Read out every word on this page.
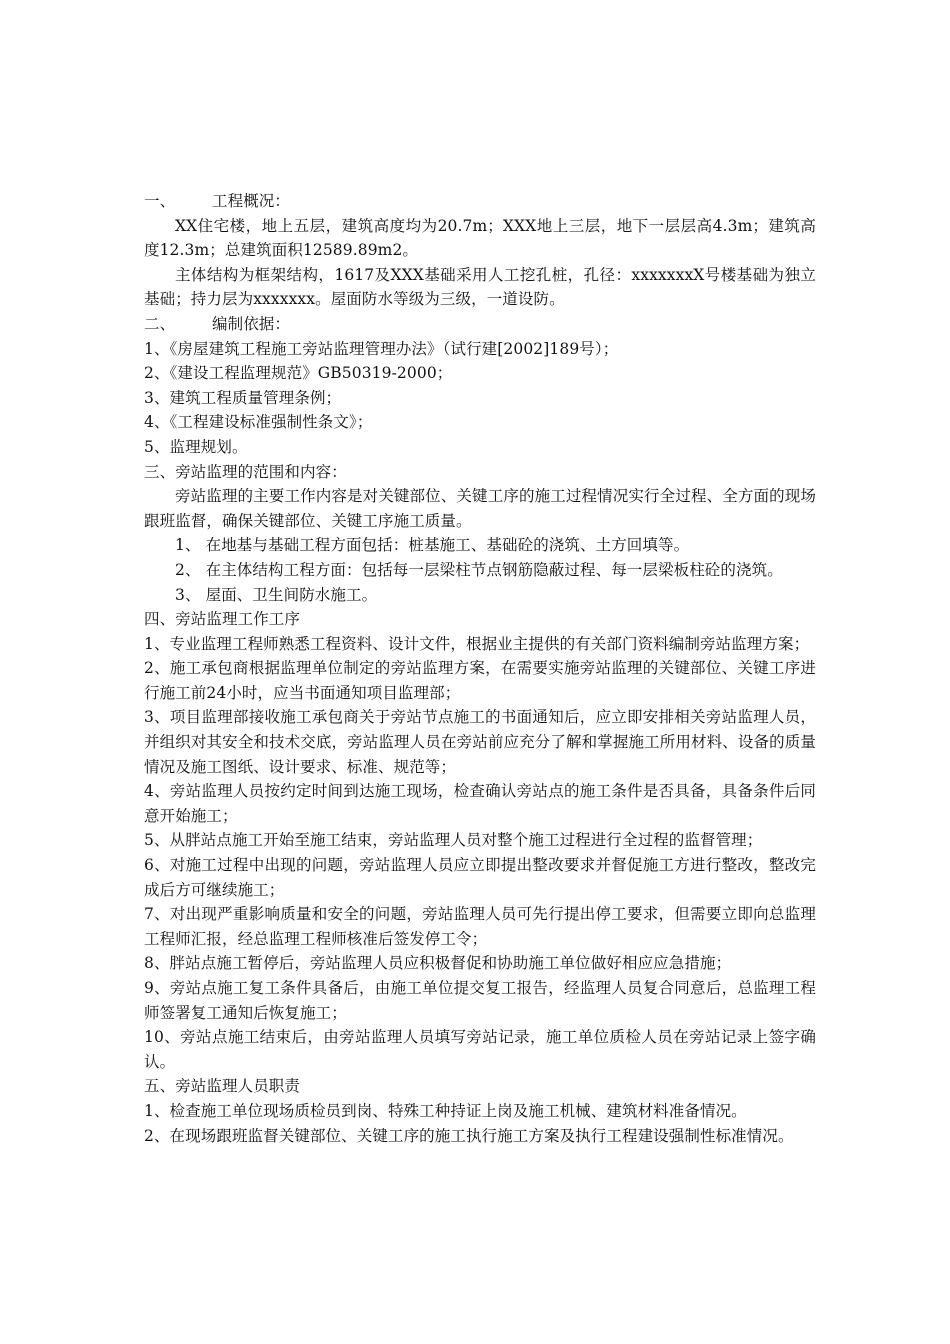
一、 工程概况：

XX住宅楼，地上五层，建筑高度均为20.7m；XXX地上三层，地下一层层高4.3m；建筑高度12.3m；总建筑面积12589.89m2。

主体结构为框架结构，1617及XXX基础采用人工挖孔桩，孔径：xxxxxxxX号楼基础为独立基础；持力层为xxxxxxx。屋面防水等级为三级，一道设防。

二、 编制依据：

1、《房屋建筑工程施工旁站监理管理办法》（试行建[2002]189号）；

2、《建设工程监理规范》GB50319-2000；

3、建筑工程质量管理条例；

4、《工程建设标准强制性条文》；

5、监理规划。

三、旁站监理的范围和内容：

旁站监理的主要工作内容是对关键部位、关键工序的施工过程情况实行全过程、全方面的现场跟班监督，确保关键部位、关键工序施工质量。

1、 在地基与基础工程方面包括：桩基施工、基础砼的浇筑、土方回填等。

2、 在主体结构工程方面：包括每一层梁柱节点钢筋隐蔽过程、每一层梁板柱砼的浇筑。

3、 屋面、卫生间防水施工。

四、旁站监理工作工序

1、专业监理工程师熟悉工程资料、设计文件，根据业主提供的有关部门资料编制旁站监理方案；

2、施工承包商根据监理单位制定的旁站监理方案，在需要实施旁站监理的关键部位、关键工序进行施工前24小时，应当书面通知项目监理部；

3、项目监理部接收施工承包商关于旁站节点施工的书面通知后，应立即安排相关旁站监理人员，并组织对其安全和技术交底，旁站监理人员在旁站前应充分了解和掌握施工所用材料、设备的质量情况及施工图纸、设计要求、标准、规范等；

4、旁站监理人员按约定时间到达施工现场，检查确认旁站点的施工条件是否具备，具备条件后同意开始施工；

5、从胖站点施工开始至施工结束，旁站监理人员对整个施工过程进行全过程的监督管理；

6、对施工过程中出现的问题，旁站监理人员应立即提出整改要求并督促施工方进行整改，整改完成后方可继续施工；

7、对出现严重影响质量和安全的问题，旁站监理人员可先行提出停工要求，但需要立即向总监理工程师汇报，经总监理工程师核准后签发停工令；

8、胖站点施工暂停后，旁站监理人员应积极督促和协助施工单位做好相应应急措施；

9、旁站点施工复工条件具备后，由施工单位提交复工报告，经监理人员复合同意后，总监理工程师签署复工通知后恢复施工；

10、旁站点施工结束后，由旁站监理人员填写旁站记录，施工单位质检人员在旁站记录上签字确认。

五、旁站监理人员职责

1、检查施工单位现场质检员到岗、特殊工种持证上岗及施工机械、建筑材料准备情况。

2、在现场跟班监督关键部位、关键工序的施工执行施工方案及执行工程建设强制性标准情况。
